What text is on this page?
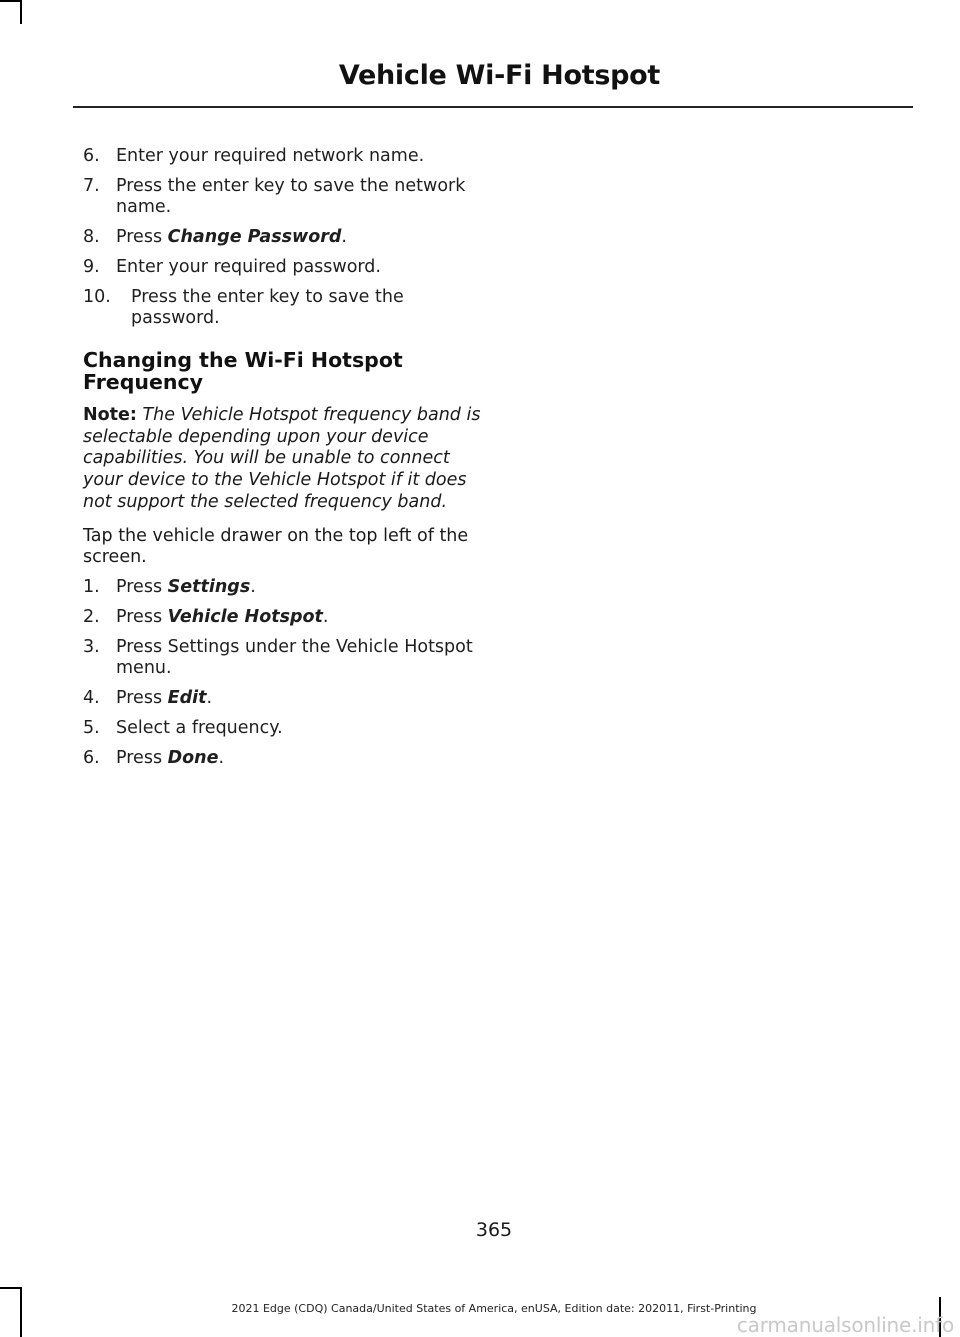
Vehicle Wi-Fi Hotspot
6. Enter your required network name.
7. Press the enter key to save the network name.
8. Press Change Password.
9. Enter your required password.
10. Press the enter key to save the password.
Changing the Wi-Fi Hotspot Frequency

Note: The Vehicle Hotspot frequency band is selectable depending upon your device capabilities. You will be unable to connect your device to the Vehicle Hotspot if it does not support the selected frequency band.

Tap the vehicle drawer on the top left of the screen.

1. Press Settings.
2. Press Vehicle Hotspot.
3. Press Settings under the Vehicle Hotspot menu.
4. Press Edit.
5. Select a frequency.
6. Press Done.
365
2021 Edge (CDQ) Canada/United States of America, enUSA, Edition date: 202011, First-Printing
carmanualsonline.info
